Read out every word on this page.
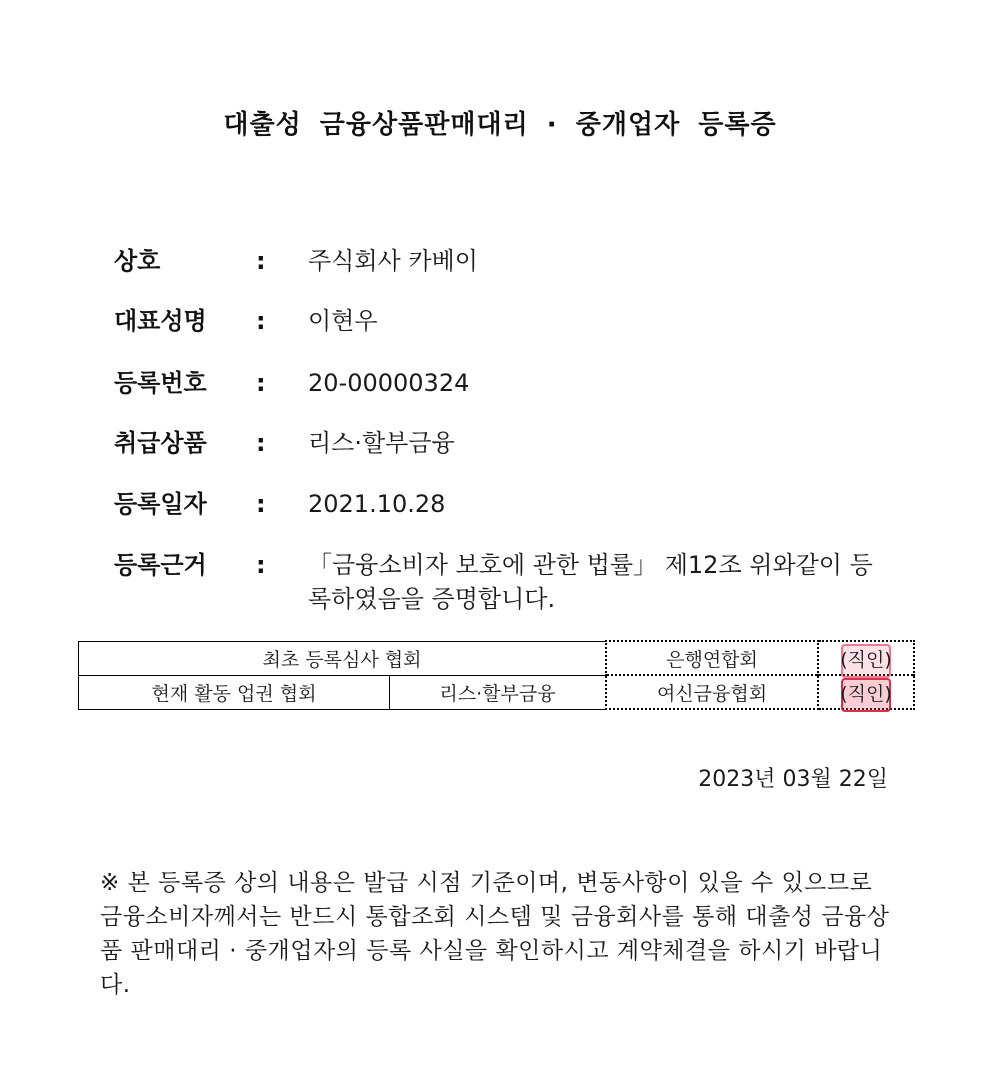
대출성 금융상품판매대리 · 중개업자 등록증
상호	: 주식회사 카베이
대표성명	: 이현우
등록번호	: 20-00000324
취급상품	: 리스·할부금융
등록일자	: 2021.10.28
등록근거	: 「금융소비자 보호에 관한 법률」 제12조 위와같이 등록하였음을 증명합니다.
최초 등록심사 협회		은행연합회	(직인)
현재 활동 업권 협회	리스·할부금융	여신금융협회	(직인)
2023년 03월 22일
※ 본 등록증 상의 내용은 발급 시점 기준이며, 변동사항이 있을 수 있으므로 금융소비자께서는 반드시 통합조회 시스템 및 금융회사를 통해 대출성 금융상품 판매대리 · 중개업자의 등록 사실을 확인하시고 계약체결을 하시기 바랍니다.
